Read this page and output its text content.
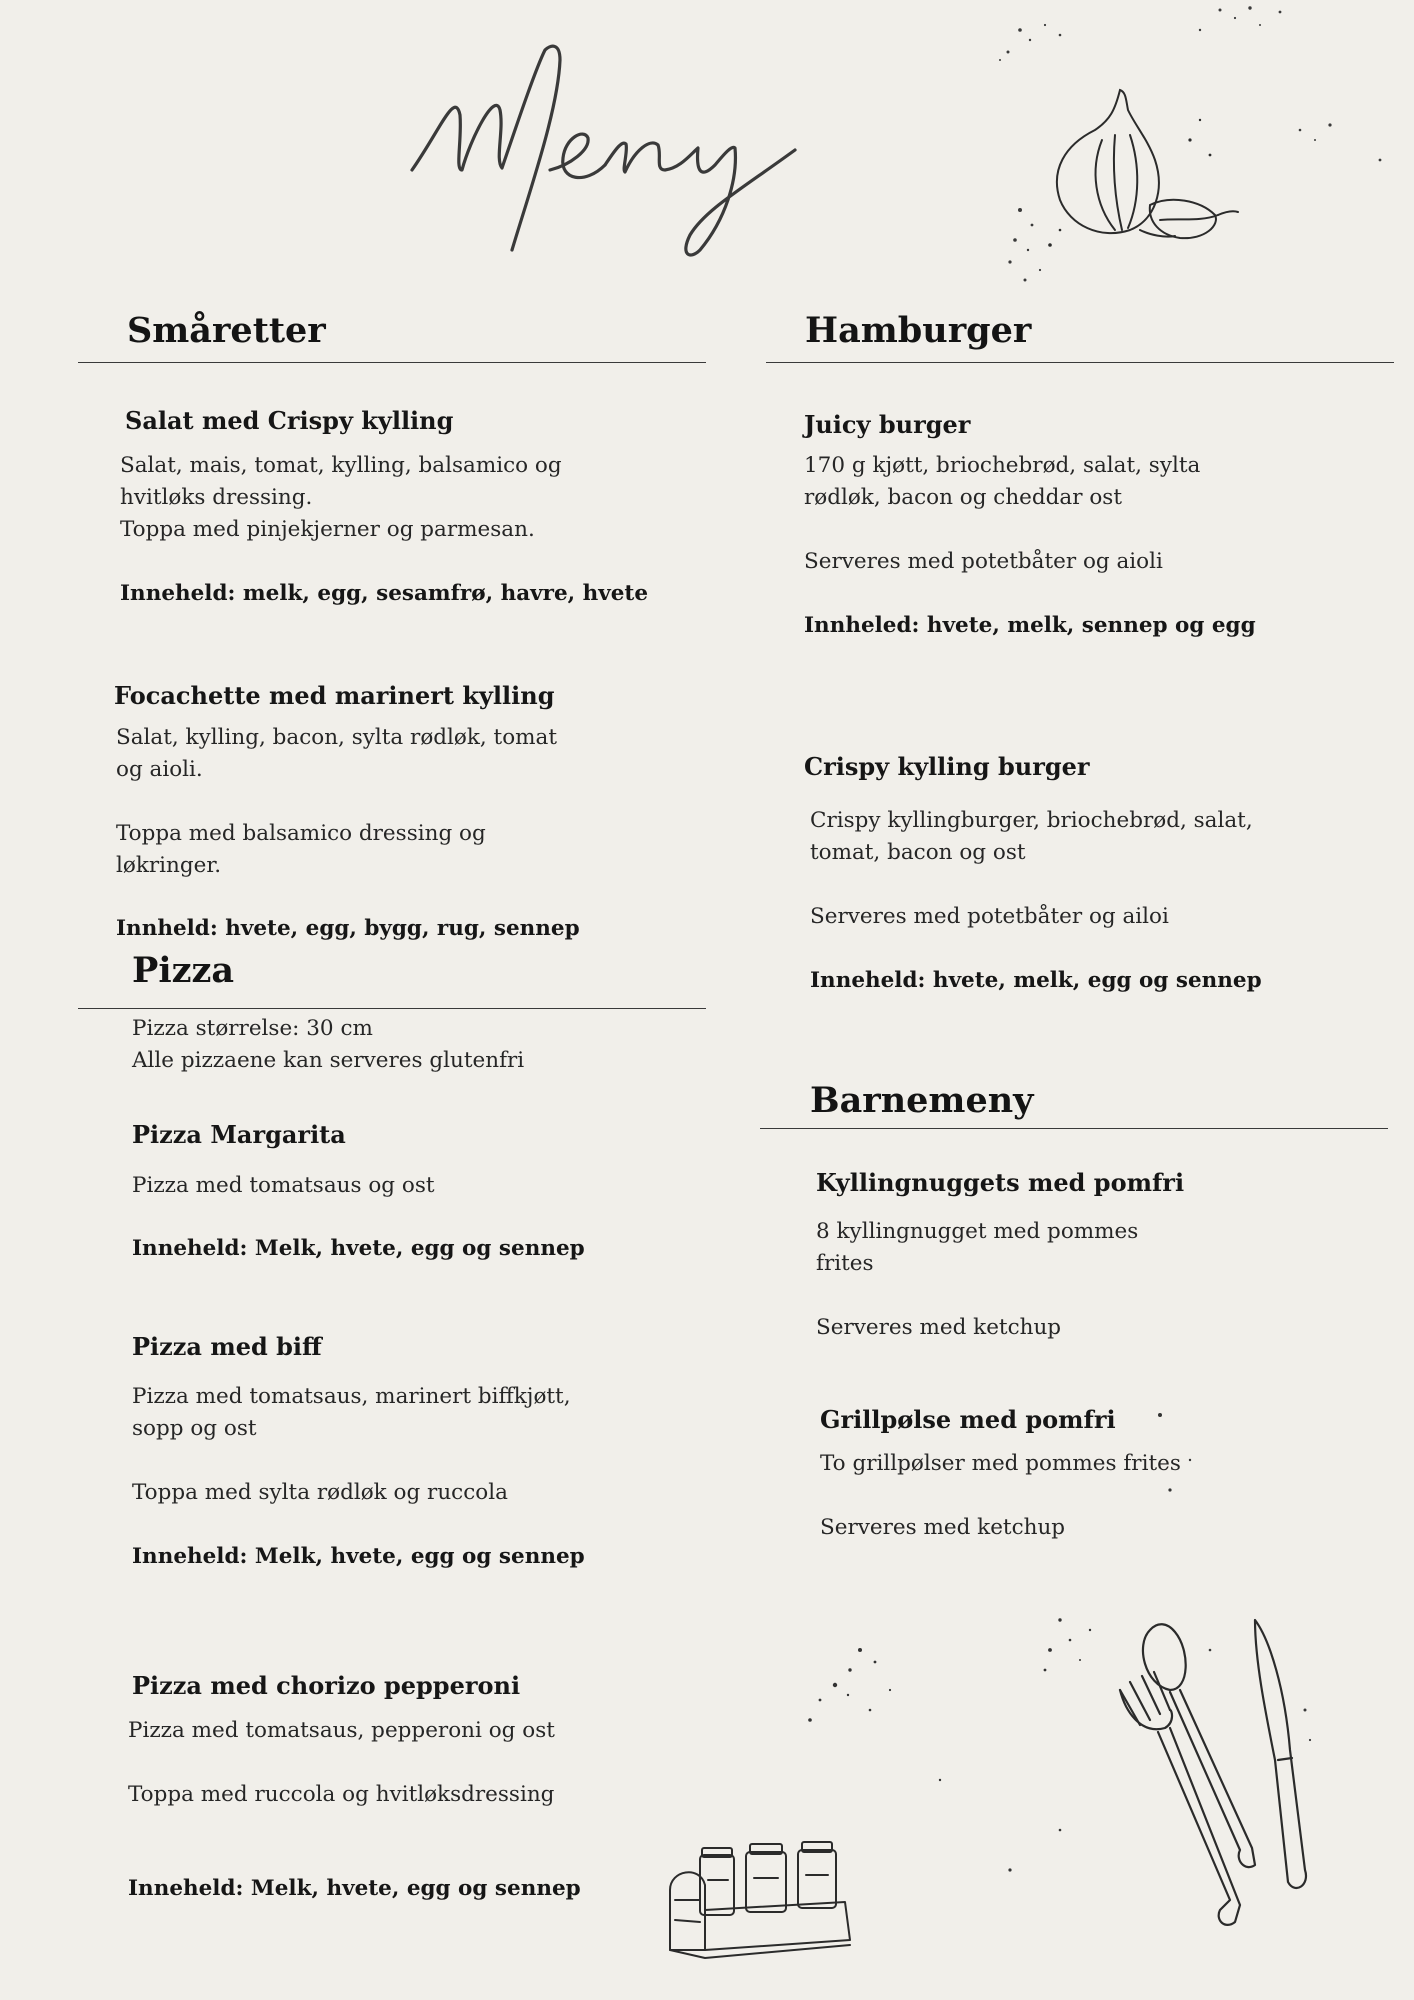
Småretter
Salat med Crispy kylling
Salat, mais, tomat, kylling, balsamico og
hvitløks dressing.
Toppa med pinjekjerner og parmesan.
Inneheld: melk, egg, sesamfrø, havre, hvete
Focachette med marinert kylling
Salat, kylling, bacon, sylta rødløk, tomat
og aioli.
Toppa med balsamico dressing og
løkringer.
Innheld: hvete, egg, bygg, rug, sennep
Pizza
Pizza størrelse: 30 cm
Alle pizzaene kan serveres glutenfri
Pizza Margarita
Pizza med tomatsaus og ost
Inneheld: Melk, hvete, egg og sennep
Pizza med biff
Pizza med tomatsaus, marinert biffkjøtt,
sopp og ost
Toppa med sylta rødløk og ruccola
Inneheld: Melk, hvete, egg og sennep
Pizza med chorizo pepperoni
Pizza med tomatsaus, pepperoni og ost
Toppa med ruccola og hvitløksdressing
Inneheld: Melk, hvete, egg og sennep
Hamburger
Juicy burger
170 g kjøtt, briochebrød, salat, sylta
rødløk, bacon og cheddar ost
Serveres med potetbåter og aioli
Innheled: hvete, melk, sennep og egg
Crispy kylling burger
Crispy kyllingburger, briochebrød, salat,
tomat, bacon og ost
Serveres med potetbåter og ailoi
Inneheld: hvete, melk, egg og sennep
Barnemeny
Kyllingnuggets med pomfri
8 kyllingnugget med pommes
frites
Serveres med ketchup
Grillpølse med pomfri
To grillpølser med pommes frites
Serveres med ketchup
